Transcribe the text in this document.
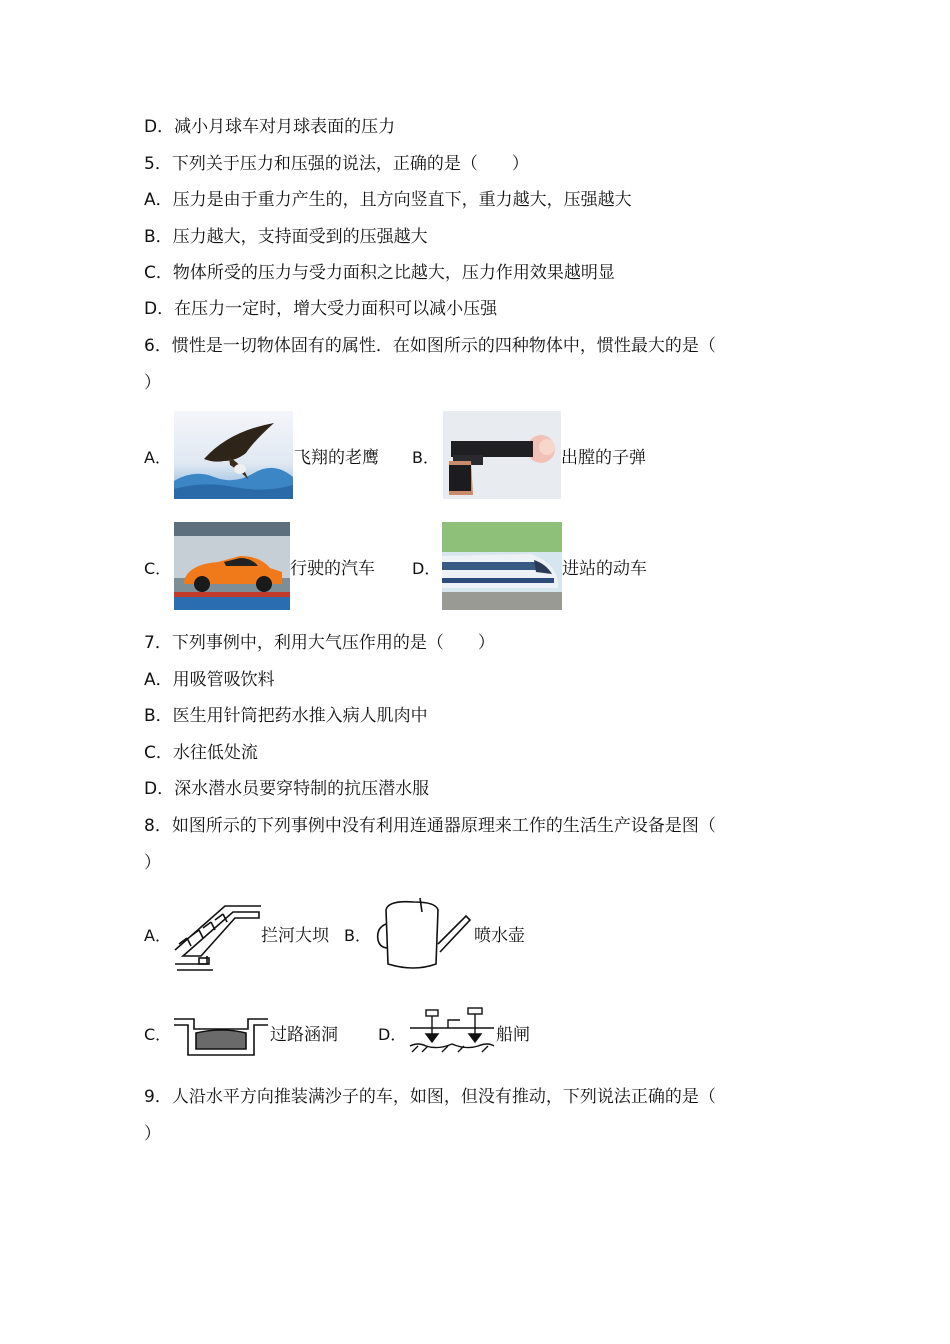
D．减小月球车对月球表面的压力
5．下列关于压力和压强的说法，正确的是（　　）
A．压力是由于重力产生的，且方向竖直下，重力越大，压强越大
B．压力越大，支持面受到的压强越大
C．物体所受的压力与受力面积之比越大，压力作用效果越明显
D．在压力一定时，增大受力面积可以减小压强
6．惯性是一切物体固有的属性．在如图所示的四种物体中，惯性最大的是（
）
A．	飞翔的老鹰 B．	出膛的子弹
C．	行驶的汽车 D．	进站的动车
7．下列事例中，利用大气压作用的是（　　）
A．用吸管吸饮料
B．医生用针筒把药水推入病人肌肉中
C．水往低处流
D．深水潜水员要穿特制的抗压潜水服
8．如图所示的下列事例中没有利用连通器原理来工作的生活生产设备是图（
）
A．	拦河大坝 B．	喷水壶
C．	过路涵洞	D．	船闸
9．人沿水平方向推装满沙子的车，如图，但没有推动，下列说法正确的是（
）
